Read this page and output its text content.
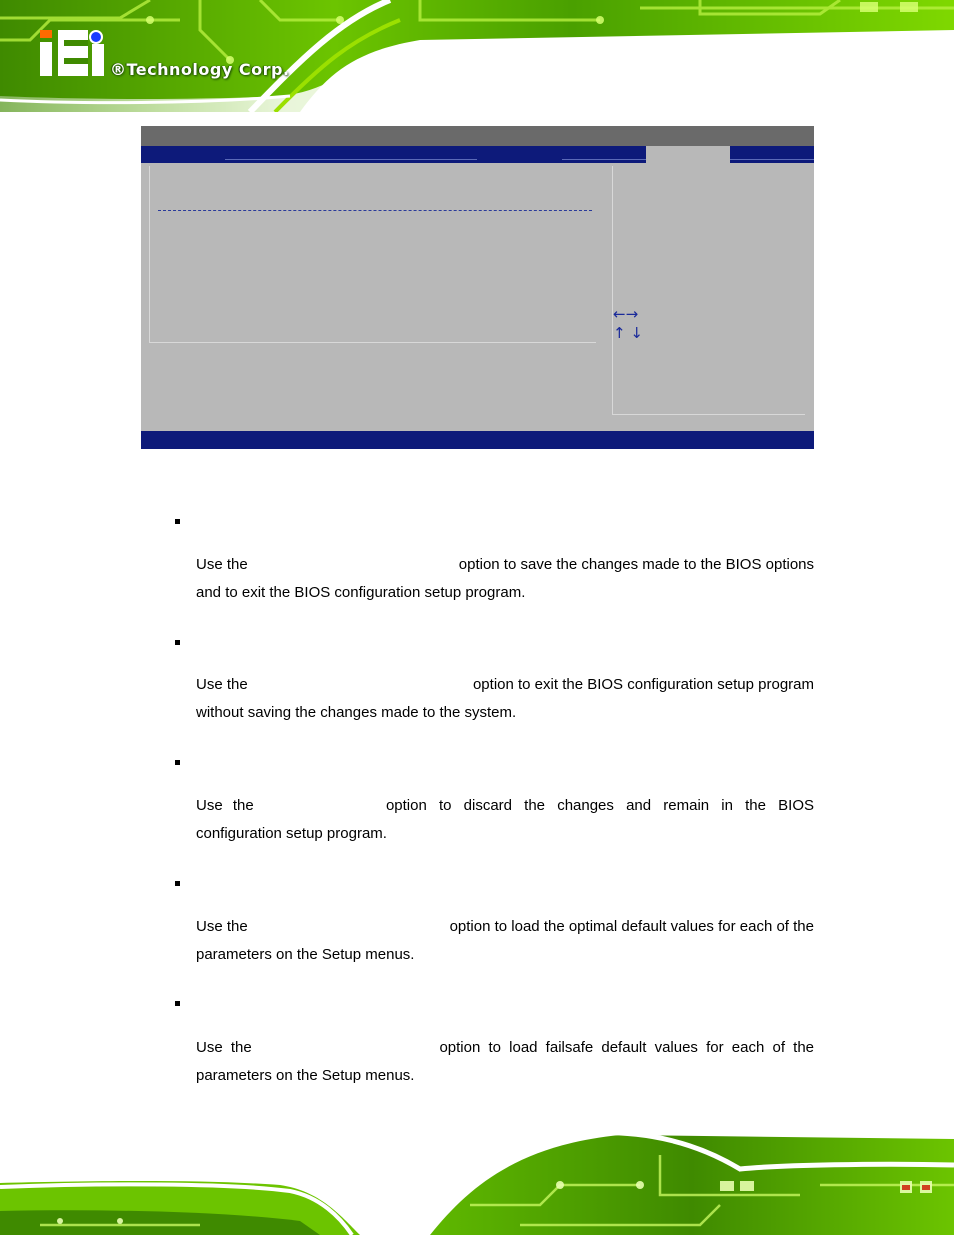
®Technology Corp.
←→
↑ ↓
Use the	option to save the changes made to the BIOS options
and to exit the BIOS configuration setup program.
Use the	option to exit the BIOS configuration setup program
without saving the changes made to the system.
Use the	option to discard the changes and remain in the BIOS
configuration setup program.
Use the	option to load the optimal default values for each of the
parameters on the Setup menus.
Use the	option to load failsafe default values for each of the
parameters on the Setup menus.
